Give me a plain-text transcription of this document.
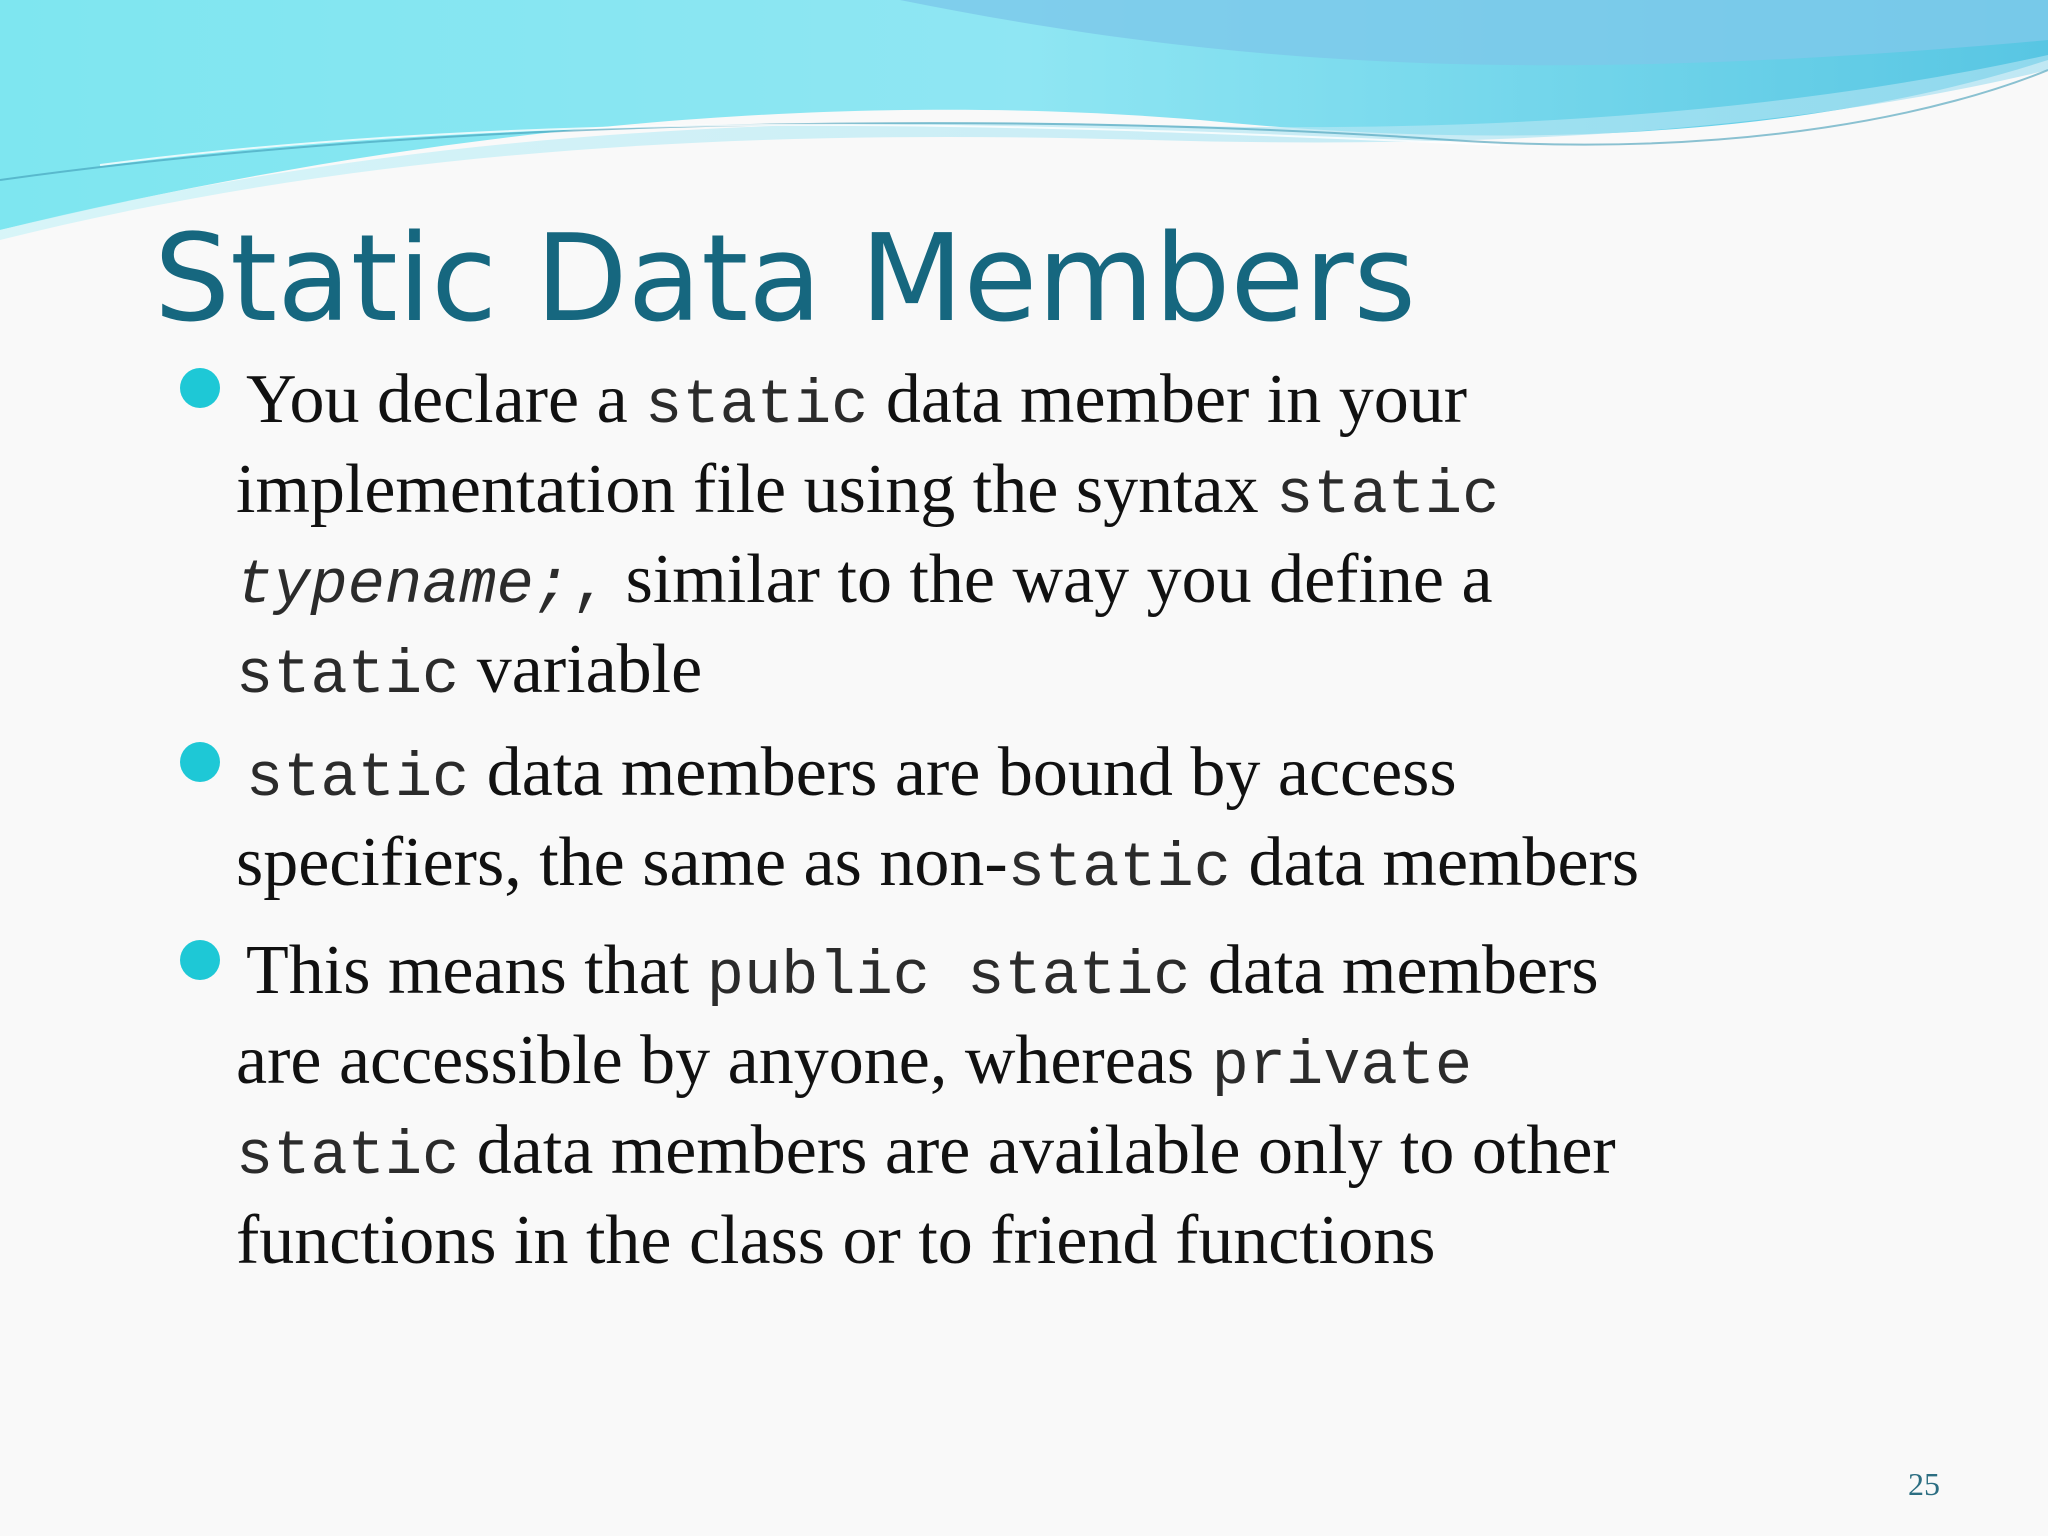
Static Data Members
You declare a static data member in your
implementation file using the syntax static
typename;, similar to the way you define a
static variable
static data members are bound by access
specifiers, the same as non-static data members
This means that public static data members
are accessible by anyone, whereas private
static data members are available only to other
functions in the class or to friend functions
25
